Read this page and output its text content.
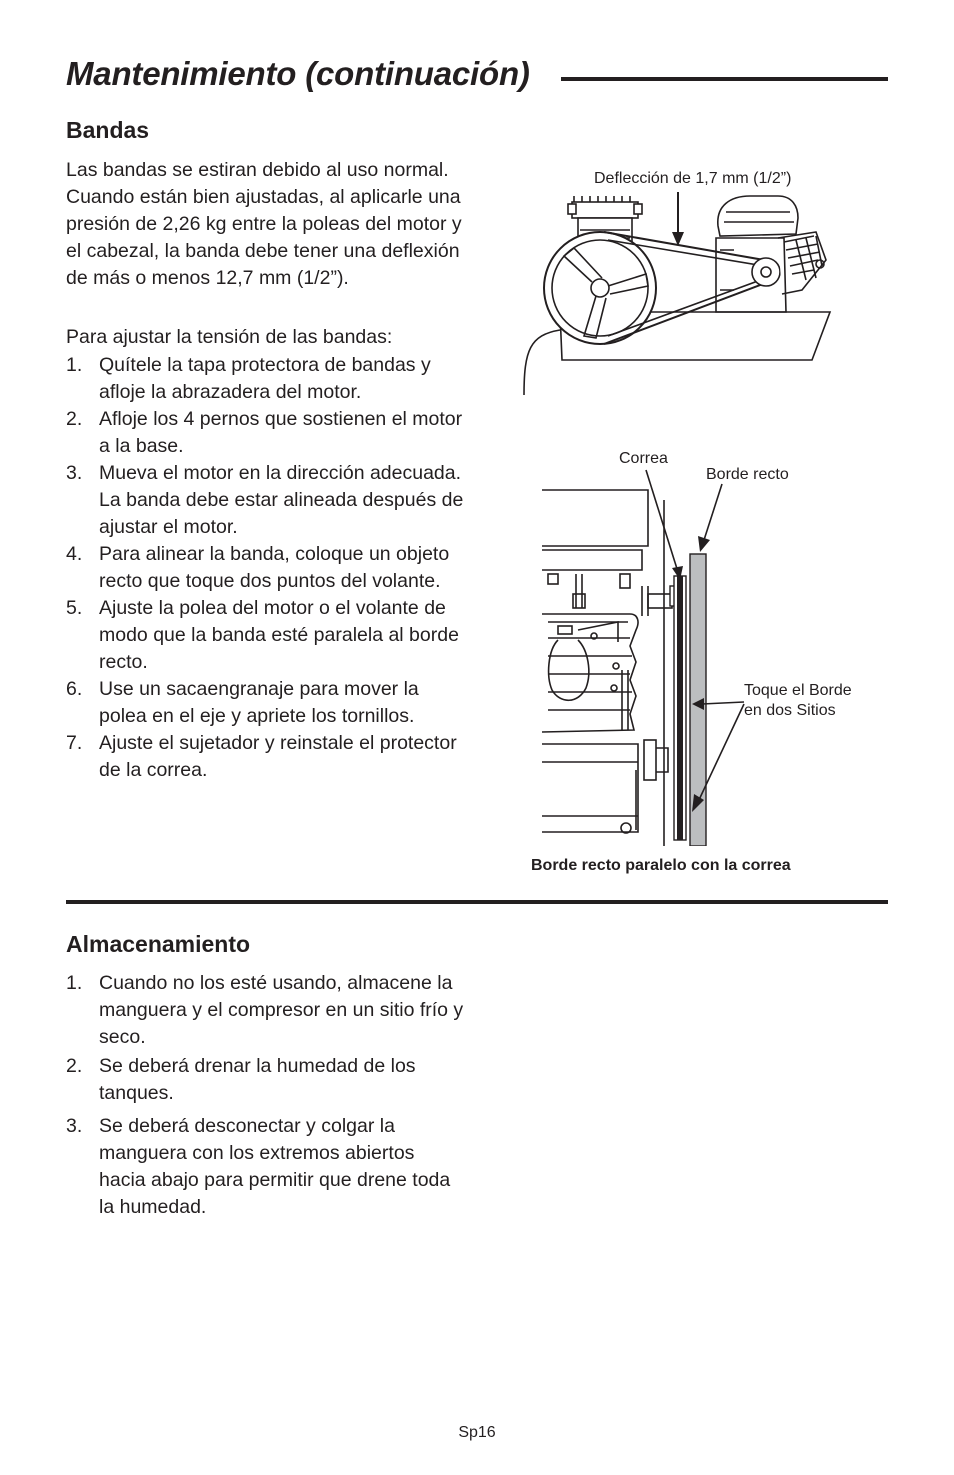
Mantenimiento (continuación)
Bandas
Las bandas se estiran debido al uso normal. Cuando están bien ajustadas, al aplicarle una presión de 2,26 kg entre la poleas del motor y el cabezal, la banda debe tener una deflexión de más o menos 12,7 mm (1/2”).
Para ajustar la tensión de las bandas:
1. Quítele la tapa protectora de bandas y afloje la abrazadera del motor.
2. Afloje los 4 pernos que sostienen el motor a la base.
3. Mueva el motor en la dirección adecuada. La banda debe estar alineada después de ajustar el motor.
4. Para alinear la banda, coloque un objeto recto que toque dos puntos del volante.
5. Ajuste la polea del motor o el volante de modo que la banda esté paralela al borde recto.
6. Use un sacaengranaje para mover la polea en el eje y apriete los tornillos.
7. Ajuste el sujetador y reinstale el protector de la correa.
Deflección de 1,7 mm (1/2”)
Correa
Borde recto
Toque el Borde
en dos Sitios
Borde recto paralelo con la correa
Almacenamiento
1. Cuando no los esté usando, almacene la manguera y el compresor en un sitio frío y seco.
2. Se deberá drenar la humedad de los tanques.
3. Se deberá desconectar y colgar la manguera con los extremos abiertos hacia abajo para permitir que drene toda la humedad.
Sp16
